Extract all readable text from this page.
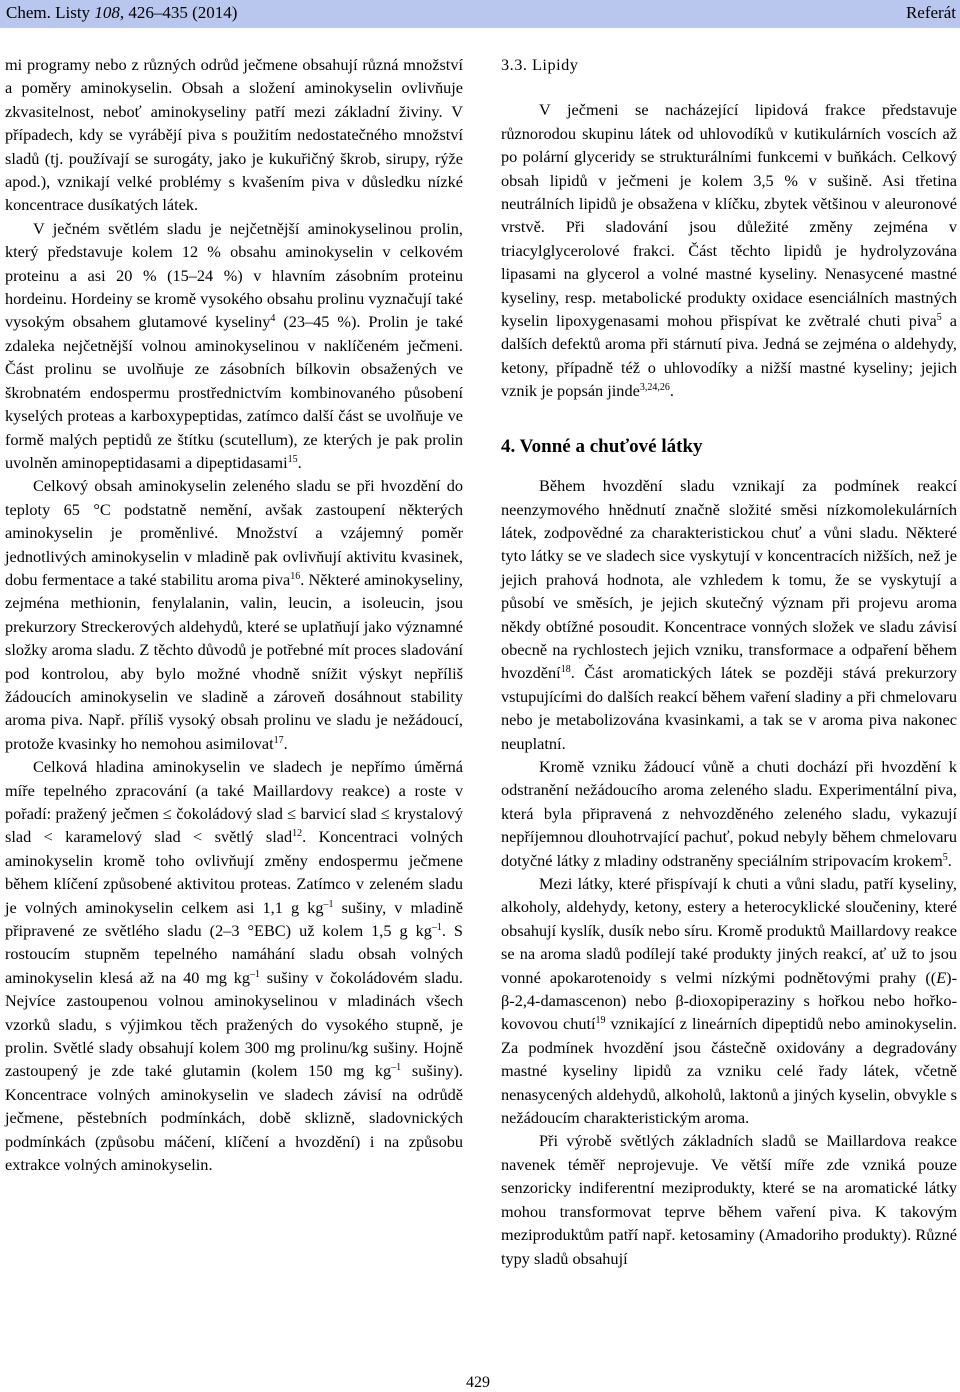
Chem. Listy 108, 426–435 (2014)	Referát

mi programy nebo z různých odrůd ječmene obsahují různá množství a poměry aminokyselin. Obsah a složení aminokyselin ovlivňuje zkvasitelnost, neboť aminokyseliny patří mezi základní živiny. V případech, kdy se vyrábějí piva s použitím nedostatečného množství sladů (tj. používají se surogáty, jako je kukuřičný škrob, sirupy, rýže apod.), vznikají velké problémy s kvašením piva v důsledku nízké koncentrace dusíkatých látek.

V ječném světlém sladu je nejčetnější aminokyselinou prolin, který představuje kolem 12 % obsahu aminokyselin v celkovém proteinu a asi 20 % (15–24 %) v hlavním zásobním proteinu hordeinu. Hordeiny se kromě vysokého obsahu prolinu vyznačují také vysokým obsahem glutamové kyseliny$^4$ (23–45 %). Prolin je také zdaleka nejčetnější volnou aminokyselinou v naklíčeném ječmeni. Část prolinu se uvolňuje ze zásobních bílkovin obsažených ve škrobnatém endospermu prostřednictvím kombinovaného působení kyselých proteas a karboxypeptidas, zatímco další část se uvolňuje ve formě malých peptidů ze štítku (scutellum), ze kterých je pak prolin uvolněn aminopeptidasami a dipeptidasami$^{15}$.

Celkový obsah aminokyselin zeleného sladu se při hvozdění do teploty 65 °C podstatně nemění, avšak zastoupení některých aminokyselin je proměnlivé. Množství a vzájemný poměr jednotlivých aminokyselin v mladině pak ovlivňují aktivitu kvasinek, dobu fermentace a také stabilitu aroma piva$^{16}$. Některé aminokyseliny, zejména methionin, fenylalanin, valin, leucin, a isoleucin, jsou prekurzory Streckerových aldehydů, které se uplatňují jako významné složky aroma sladu. Z těchto důvodů je potřebné mít proces sladování pod kontrolou, aby bylo možné vhodně snížit výskyt nepříliš žádoucích aminokyselin ve sladině a zároveň dosáhnout stability aroma piva. Např. příliš vysoký obsah prolinu ve sladu je nežádoucí, protože kvasinky ho nemohou asimilovat$^{17}$.

Celková hladina aminokyselin ve sladech je nepřímo úměrná míře tepelného zpracování (a také Maillardovy reakce) a roste v pořadí: pražený ječmen ≤ čokoládový slad ≤ barvicí slad ≤ krystalový slad < karamelový slad < světlý slad$^{12}$. Koncentraci volných aminokyselin kromě toho ovlivňují změny endospermu ječmene během klíčení způsobené aktivitou proteas. Zatímco v zeleném sladu je volných aminokyselin celkem asi 1,1 g $kg^{-1}$ sušiny, v mladině připravené ze světlého sladu (2–3 °EBC) už kolem 1,5 g $kg^{-1}$. S rostoucím stupněm tepelného namáhání sladu obsah volných aminokyselin klesá až na 40 mg $kg^{-1}$ sušiny v čokoládovém sladu. Nejvíce zastoupenou volnou aminokyselinou v mladinách všech vzorků sladu, s výjimkou těch pražených do vysokého stupně, je prolin. Světlé slady obsahují kolem 300 mg prolinu/kg sušiny. Hojně zastoupený je zde také glutamin (kolem 150 mg $kg^{-1}$ sušiny). Koncentrace volných aminokyselin ve sladech závisí na odrůdě ječmene, pěstebních podmínkách, době sklizně, sladovnických podmínkách (způsobu máčení, klíčení a hvozdění) i na způsobu extrakce volných aminokyselin.

3.3. Lipidy

V ječmeni se nacházející lipidová frakce představuje různorodou skupinu látek od uhlovodíků v kutikulárních voscích až po polární glyceridy se strukturálními funkcemi v buňkách. Celkový obsah lipidů v ječmeni je kolem 3,5 % v sušině. Asi třetina neutrálních lipidů je obsažena v klíčku, zbytek většinou v aleuronové vrstvě. Při sladování jsou důležité změny zejména v triacylglycerolové frakci. Část těchto lipidů je hydrolyzována lipasami na glycerol a volné mastné kyseliny. Nenasycené mastné kyseliny, resp. metabolické produkty oxidace esenciálních mastných kyselin lipoxygenasami mohou přispívat ke zvětralé chuti piva$^5$ a dalších defektů aroma při stárnutí piva. Jedná se zejména o aldehydy, ketony, případně též o uhlovodíky a nižší mastné kyseliny; jejich vznik je popsán jinde$^{3,24,26}$.

4. Vonné a chuťové látky

Během hvozdění sladu vznikají za podmínek reakcí neenzymového hnědnutí značně složité směsi nízkomolekulárních látek, zodpovědné za charakteristickou chuť a vůni sladu. Některé tyto látky se ve sladech sice vyskytují v koncentracích nižších, než je jejich prahová hodnota, ale vzhledem k tomu, že se vyskytují a působí ve směsích, je jejich skutečný význam při projevu aroma někdy obtížné posoudit. Koncentrace vonných složek ve sladu závisí obecně na rychlostech jejich vzniku, transformace a odpaření během hvozdění$^{18}$. Část aromatických látek se později stává prekurzory vstupujícími do dalších reakcí během vaření sladiny a při chmelovaru nebo je metabolizována kvasinkami, a tak se v aroma piva nakonec neuplatní.

Kromě vzniku žádoucí vůně a chuti dochází při hvozdění k odstranění nežádoucího aroma zeleného sladu. Experimentální piva, která byla připravená z nehvozděného zeleného sladu, vykazují nepříjemnou dlouhotrvající pachuť, pokud nebyly během chmelovaru dotyčné látky z mladiny odstraněny speciálním stripovacím krokem$^5$.

Mezi látky, které přispívají k chuti a vůni sladu, patří kyseliny, alkoholy, aldehydy, ketony, estery a heterocyklické sloučeniny, které obsahují kyslík, dusík nebo síru. Kromě produktů Maillardovy reakce se na aroma sladů podílejí také produkty jiných reakcí, ať už to jsou vonné apokarotenoidy s velmi nízkými podnětovými prahy ((E)-β-2,4-damascenon) nebo β-dioxopiperaziny s hořkou nebo hořko-kovovou chutí$^{19}$ vznikající z lineárních dipeptidů nebo aminokyselin. Za podmínek hvozdění jsou částečně oxidovány a degradovány mastné kyseliny lipidů za vzniku celé řady látek, včetně nenasycených aldehydů, alkoholů, laktonů a jiných kyselin, obvykle s nežádoucím charakteristickým aroma.

Při výrobě světlých základních sladů se Maillardova reakce navenek téměř neprojevuje. Ve větší míře zde vzniká pouze senzoricky indiferentní meziprodukty, které se na aromatické látky mohou transformovat teprve během vaření piva. K takovým meziproduktům patří např. ketosaminy (Amadoriho produkty). Různé typy sladů obsahují

429
